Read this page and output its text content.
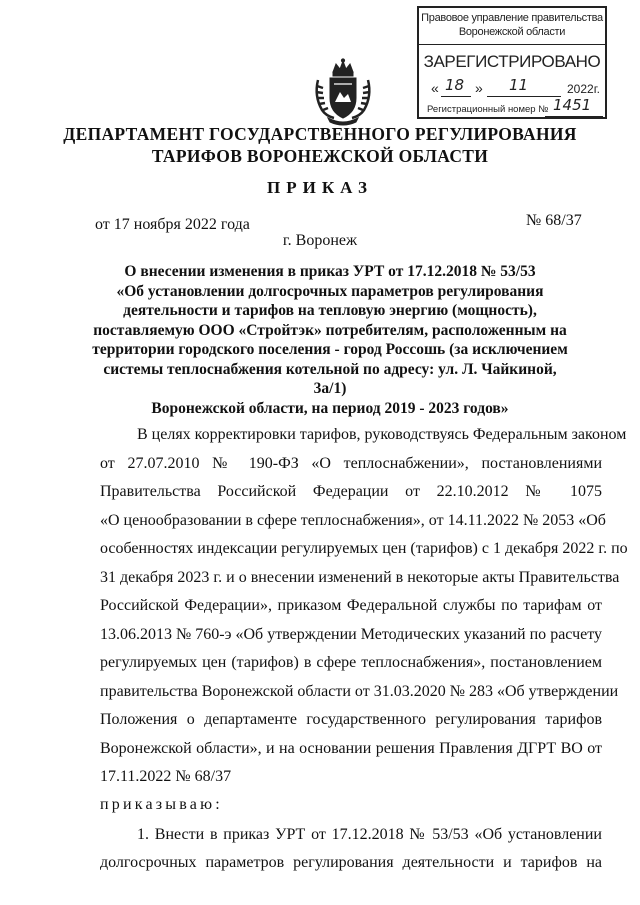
Правовое управление правительства
Воронежской области
ЗАРЕГИСТРИРОВАНО
« 18 » 11	2022г.
Регистрационный номер № 1451
ДЕПАРТАМЕНТ ГОСУДАРСТВЕННОГО РЕГУЛИРОВАНИЯ
ТАРИФОВ ВОРОНЕЖСКОЙ ОБЛАСТИ
ПРИКАЗ
от 17 ноября 2022 года	№ 68/37
г. Воронеж
О внесении изменения в приказ УРТ от 17.12.2018 № 53/53
«Об установлении долгосрочных параметров регулирования
деятельности и тарифов на тепловую энергию (мощность),
поставляемую ООО «Стройтэк» потребителям, расположенным на
территории городского поселения - город Россошь (за исключением
системы теплоснабжения котельной по адресу: ул. Л. Чайкиной, 3а/1)
Воронежской области, на период 2019 - 2023 годов»
В целях корректировки тарифов, руководствуясь Федеральным законом
от 27.07.2010 № 190-ФЗ «О теплоснабжении», постановлениями
Правительства Российской Федерации от 22.10.2012 № 1075
«О ценообразовании в сфере теплоснабжения», от 14.11.2022 № 2053 «Об
особенностях индексации регулируемых цен (тарифов) с 1 декабря 2022 г. по
31 декабря 2023 г. и о внесении изменений в некоторые акты Правительства
Российской Федерации», приказом Федеральной службы по тарифам от
13.06.2013 № 760-э «Об утверждении Методических указаний по расчету
регулируемых цен (тарифов) в сфере теплоснабжения», постановлением
правительства Воронежской области от 31.03.2020 № 283 «Об утверждении
Положения о департаменте государственного регулирования тарифов
Воронежской области», и на основании решения Правления ДГРТ ВО от
17.11.2022 № 68/37
приказываю:
1. Внести в приказ УРТ от 17.12.2018 № 53/53 «Об установлении
долгосрочных параметров регулирования деятельности и тарифов на
